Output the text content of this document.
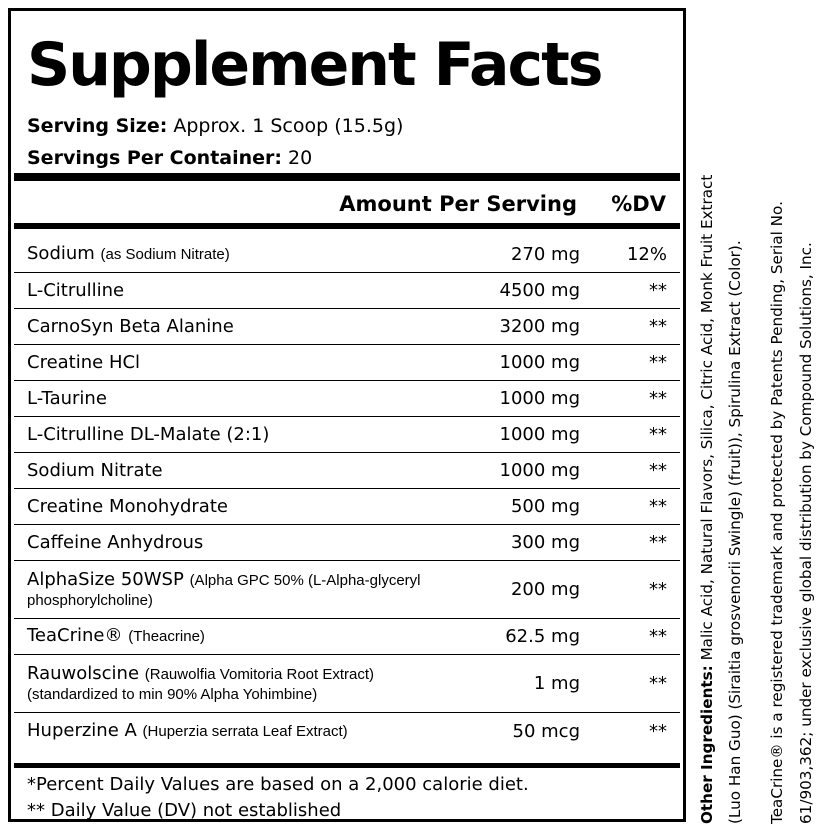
Supplement Facts
Serving Size: Approx. 1 Scoop (15.5g)
Servings Per Container: 20
Amount Per Serving %DV
Sodium (as Sodium Nitrate)	270 mg	12%
L-Citrulline	4500 mg	**
CarnoSyn Beta Alanine	3200 mg	**
Creatine HCl	1000 mg	**
L-Taurine	1000 mg	**
L-Citrulline DL-Malate (2:1)	1000 mg	**
Sodium Nitrate	1000 mg	**
Creatine Monohydrate	500 mg	**
Caffeine Anhydrous	300 mg	**
AlphaSize 50WSP (Alpha GPC 50% (L-Alpha-glyceryl
phosphorylcholine)
200 mg	**
TeaCrine® (Theacrine)	62.5 mg	**
Rauwolscine (Rauwolfia Vomitoria Root Extract)
(standardized to min 90% Alpha Yohimbine)
1 mg	**
Huperzine A (Huperzia serrata Leaf Extract)	50 mcg	**
*Percent Daily Values are based on a 2,000 calorie diet.
** Daily Value (DV) not established	Other Ingredients: Malic Acid, Natural Flavors, Silica, Citric Acid, Monk Fruit Extract (Luo Han Guo) (Siraitia grosvenorii Swingle) (fruit)), Spirulina Extract (Color).	TeaCrine® is a registered trademark and protected by Patents Pending, Serial No. 61/903,362; under exclusive global distribution by Compound Solutions, Inc.
